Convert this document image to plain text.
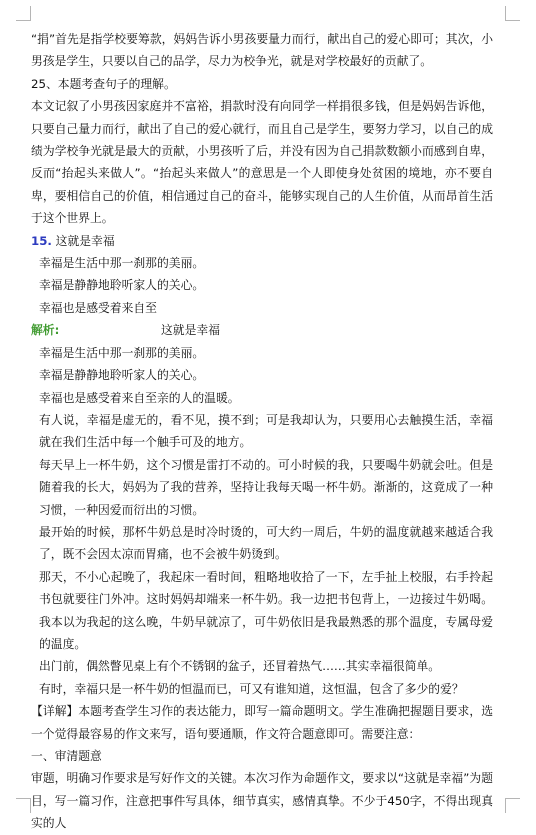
“捐”首先是指学校要筹款，妈妈告诉小男孩要量力而行，献出自己的爱心即可；其次，小男孩是学生，只要以自己的品学，尽力为校争光，就是对学校最好的贡献了。

25、本题考查句子的理解。

本文记叙了小男孩因家庭并不富裕，捐款时没有向同学一样捐很多钱，但是妈妈告诉他，只要自己量力而行，献出了自己的爱心就行，而且自己是学生，要努力学习，以自己的成绩为学校争光就是最大的贡献，小男孩听了后，并没有因为自己捐款数额小而感到自卑，反而“抬起头来做人”。“抬起头来做人”的意思是一个人即使身处贫困的境地，亦不要自卑，要相信自己的价值，相信通过自己的奋斗，能够实现自己的人生价值，从而昂首生活于这个世界上。

15. 这就是幸福

幸福是生活中那一刹那的美丽。

幸福是静静地聆听家人的关心。

幸福也是感受着来自至

解析:	这就是幸福

幸福是生活中那一刹那的美丽。

幸福是静静地聆听家人的关心。

幸福也是感受着来自至亲的人的温暖。

有人说，幸福是虚无的，看不见，摸不到；可是我却认为，只要用心去触摸生活，幸福就在我们生活中每一个触手可及的地方。

每天早上一杯牛奶，这个习惯是雷打不动的。可小时候的我，只要喝牛奶就会吐。但是随着我的长大，妈妈为了我的营养，坚持让我每天喝一杯牛奶。渐渐的，这竟成了一种习惯，一种因爱而衍出的习惯。

最开始的时候，那杯牛奶总是时冷时烫的，可大约一周后，牛奶的温度就越来越适合我了，既不会因太凉而胃痛，也不会被牛奶烫到。

那天，不小心起晚了，我起床一看时间，粗略地收拾了一下，左手扯上校服，右手拎起书包就要往门外冲。这时妈妈却端来一杯牛奶。我一边把书包背上，一边接过牛奶喝。我本以为我起的这么晚，牛奶早就凉了，可牛奶依旧是我最熟悉的那个温度，专属母爱的温度。

出门前，偶然瞥见桌上有个不锈钢的盆子，还冒着热气……其实幸福很简单。

有时，幸福只是一杯牛奶的恒温而已，可又有谁知道，这恒温，包含了多少的爱？

【详解】本题考查学生习作的表达能力，即写一篇命题明文。学生准确把握题目要求，选一个觉得最容易的作文来写，语句要通顺，作文符合题意即可。需要注意：

一、审清题意

审题，明确习作要求是写好作文的关键。本次习作为命题作文，要求以“这就是幸福”为题目，写一篇习作，注意把事件写具体，细节真实，感情真挚。不少于450字，不得出现真实的人
